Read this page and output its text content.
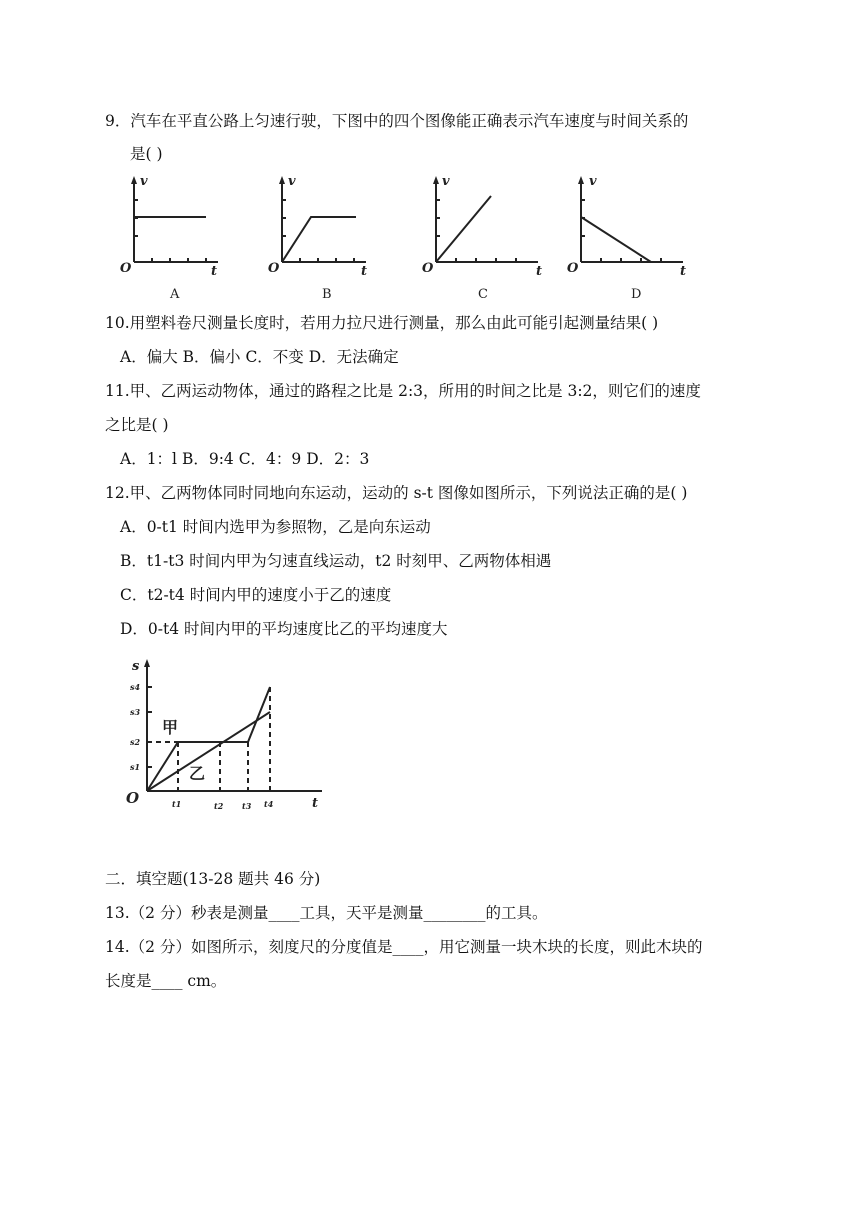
9．汽车在平直公路上匀速行驶，下图中的四个图像能正确表示汽车速度与时间关系的
是( )
v
t
O
A
v
t
O
B
v
t
O
C
v
t
O
D
10.用塑料卷尺测量长度时，若用力拉尺进行测量，那么由此可能引起测量结果( )
A．偏大 B．偏小 C．不变 D．无法确定
11.甲、乙两运动物体，通过的路程之比是 2:3，所用的时间之比是 3:2，则它们的速度
之比是( )
A．1：l B．9:4 C．4：9 D．2：3
12.甲、乙两物体同时同地向东运动，运动的 s-t 图像如图所示，下列说法正确的是( )
A．0-t1 时间内选甲为参照物，乙是向东运动
B．t1-t3 时间内甲为匀速直线运动，t2 时刻甲、乙两物体相遇
C．t2-t4 时间内甲的速度小于乙的速度
D．0-t4 时间内甲的平均速度比乙的平均速度大
s
t
O
s1
s2
s3
s4
t1	t2 t3 t4
甲
乙
二．填空题(13-28 题共 46 分)
13.（2 分）秒表是测量____工具，天平是测量________的工具。
14.（2 分）如图所示，刻度尺的分度值是____，用它测量一块木块的长度，则此木块的
长度是____ cm。
